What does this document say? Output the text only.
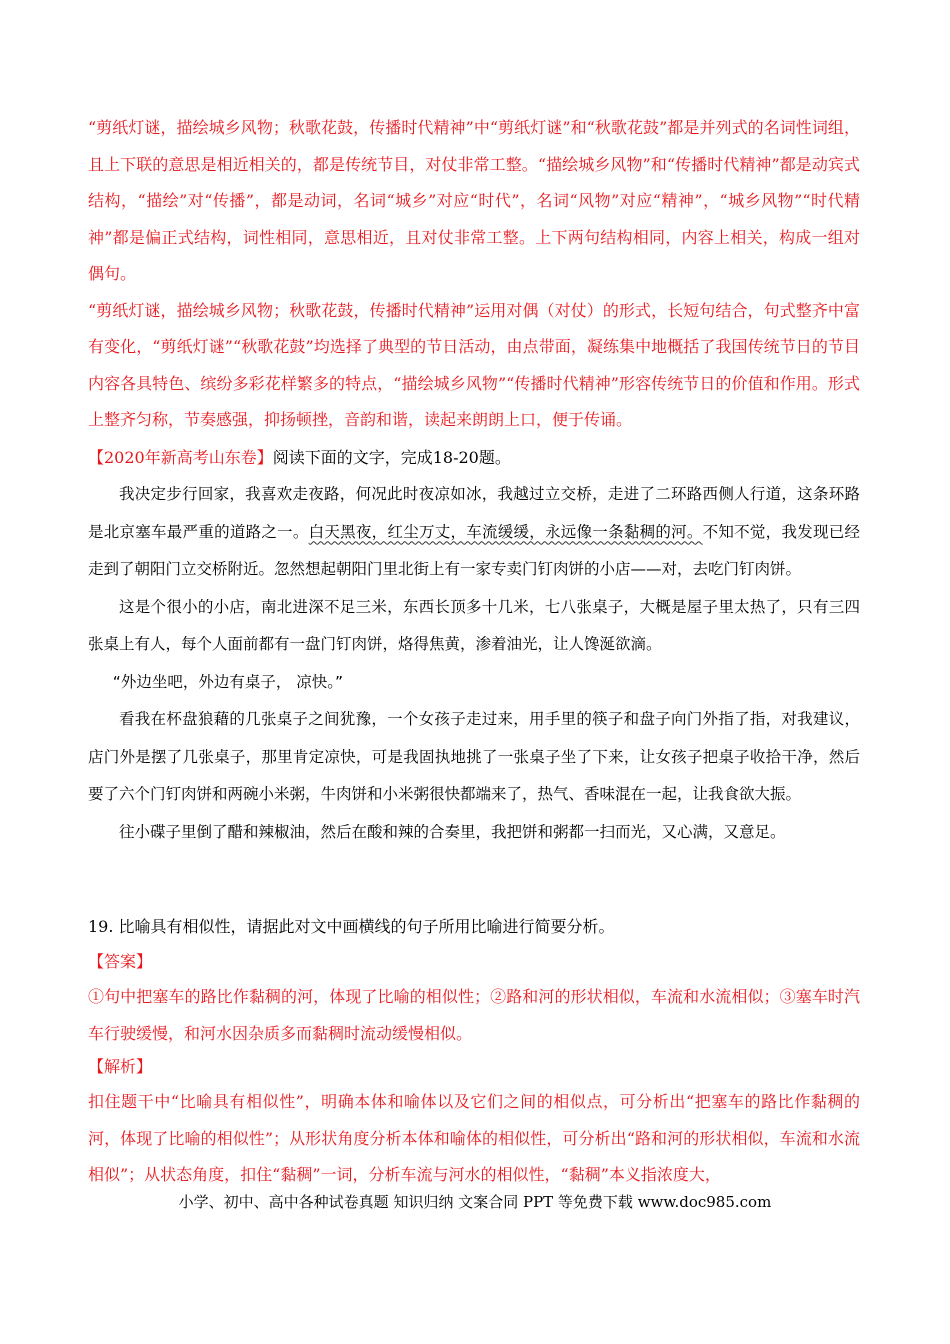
“剪纸灯谜，描绘城乡风物；秋歌花鼓，传播时代精神”中“剪纸灯谜”和“秋歌花鼓”都是并列式的名词性词组，且上下联的意思是相近相关的，都是传统节目，对仗非常工整。“描绘城乡风物”和“传播时代精神”都是动宾式结构，“描绘”对“传播”，都是动词，名词“城乡”对应“时代”，名词“风物”对应“精神”，“城乡风物”“时代精神”都是偏正式结构，词性相同，意思相近，且对仗非常工整。上下两句结构相同，内容上相关，构成一组对偶句。

“剪纸灯谜，描绘城乡风物；秋歌花鼓，传播时代精神”运用对偶（对仗）的形式，长短句结合，句式整齐中富有变化，“剪纸灯谜”“秋歌花鼓”均选择了典型的节日活动，由点带面，凝练集中地概括了我国传统节日的节目内容各具特色、缤纷多彩花样繁多的特点，“描绘城乡风物”“传播时代精神”形容传统节日的价值和作用。形式上整齐匀称，节奏感强，抑扬顿挫，音韵和谐，读起来朗朗上口，便于传诵。

【2020年新高考山东卷】阅读下面的文字，完成18-20题。

我决定步行回家，我喜欢走夜路，何况此时夜凉如冰，我越过立交桥，走进了二环路西侧人行道，这条环路是北京塞车最严重的道路之一。白天黑夜，红尘万丈，车流缓缓，永远像一条黏稠的河。不知不觉，我发现已经走到了朝阳门立交桥附近。忽然想起朝阳门里北街上有一家专卖门钉肉饼的小店——对，去吃门钉肉饼。

这是个很小的小店，南北进深不足三米，东西长顶多十几米，七八张桌子，大概是屋子里太热了，只有三四张桌上有人，每个人面前都有一盘门钉肉饼，烙得焦黄，渗着油光，让人馋涎欲滴。

“外边坐吧，外边有桌子， 凉快。”

看我在杯盘狼藉的几张桌子之间犹豫，一个女孩子走过来，用手里的筷子和盘子向门外指了指，对我建议，店门外是摆了几张桌子，那里肯定凉快，可是我固执地挑了一张桌子坐了下来，让女孩子把桌子收拾干净，然后要了六个门钉肉饼和两碗小米粥，牛肉饼和小米粥很快都端来了，热气、香味混在一起，让我食欲大振。

往小碟子里倒了醋和辣椒油，然后在酸和辣的合奏里，我把饼和粥都一扫而光，又心满，又意足。

19. 比喻具有相似性，请据此对文中画横线的句子所用比喻进行简要分析。
【答案】

①句中把塞车的路比作黏稠的河，体现了比喻的相似性；②路和河的形状相似，车流和水流相似；③塞车时汽车行驶缓慢，和河水因杂质多而黏稠时流动缓慢相似。

【解析】

扣住题干中“比喻具有相似性”，明确本体和喻体以及它们之间的相似点，可分析出“把塞车的路比作黏稠的河，体现了比喻的相似性”；从形状角度分析本体和喻体的相似性，可分析出“路和河的形状相似，车流和水流相似”；从状态角度，扣住“黏稠”一词，分析车流与河水的相似性，“黏稠”本义指浓度大，

小学、初中、高中各种试卷真题 知识归纳 文案合同 PPT 等免费下载 www.doc985.com
